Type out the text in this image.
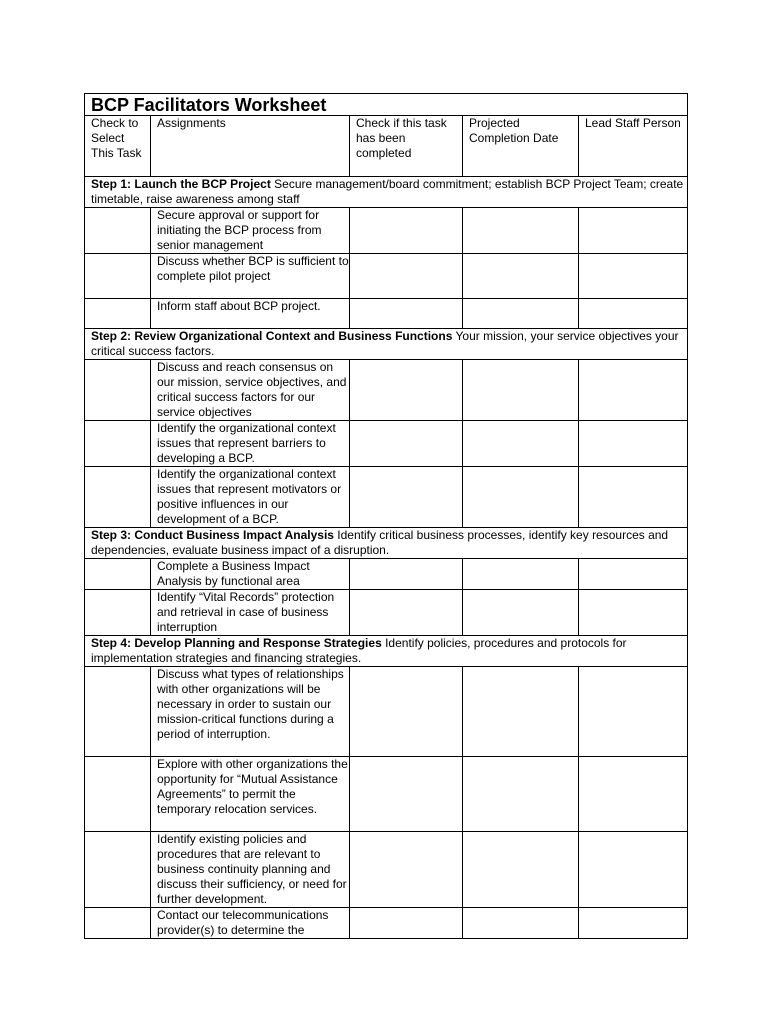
BCP Facilitators Worksheet				
Check to Select This Task	Assignments	Check if this task has been completed	Projected Completion Date	Lead Staff Person
Step 1: Launch the BCP Project Secure management/board commitment; establish BCP Project Team; create timetable, raise awareness among staff				
	Secure approval or support for initiating the BCP process from senior management			
	Discuss whether BCP is sufficient to complete pilot project			
	Inform staff about BCP project.			
Step 2: Review Organizational Context and Business Functions Your mission, your service objectives your critical success factors.				
	Discuss and reach consensus on our mission, service objectives, and critical success factors for our service objectives			
	Identify the organizational context issues that represent barriers to developing a BCP.			
	Identify the organizational context issues that represent motivators or positive influences in our development of a BCP.			
Step 3: Conduct Business Impact Analysis Identify critical business processes, identify key resources and dependencies, evaluate business impact of a disruption.				
	Complete a Business Impact Analysis by functional area			
	Identify “Vital Records” protection and retrieval in case of business interruption			
Step 4: Develop Planning and Response Strategies Identify policies, procedures and protocols for implementation strategies and financing strategies.				
	Discuss what types of relationships with other organizations will be necessary in order to sustain our mission-critical functions during a period of interruption.			
	Explore with other organizations the opportunity for “Mutual Assistance Agreements” to permit the temporary relocation services.			
	Identify existing policies and procedures that are relevant to business continuity planning and discuss their sufficiency, or need for further development.			
	Contact our telecommunications provider(s) to determine the			
